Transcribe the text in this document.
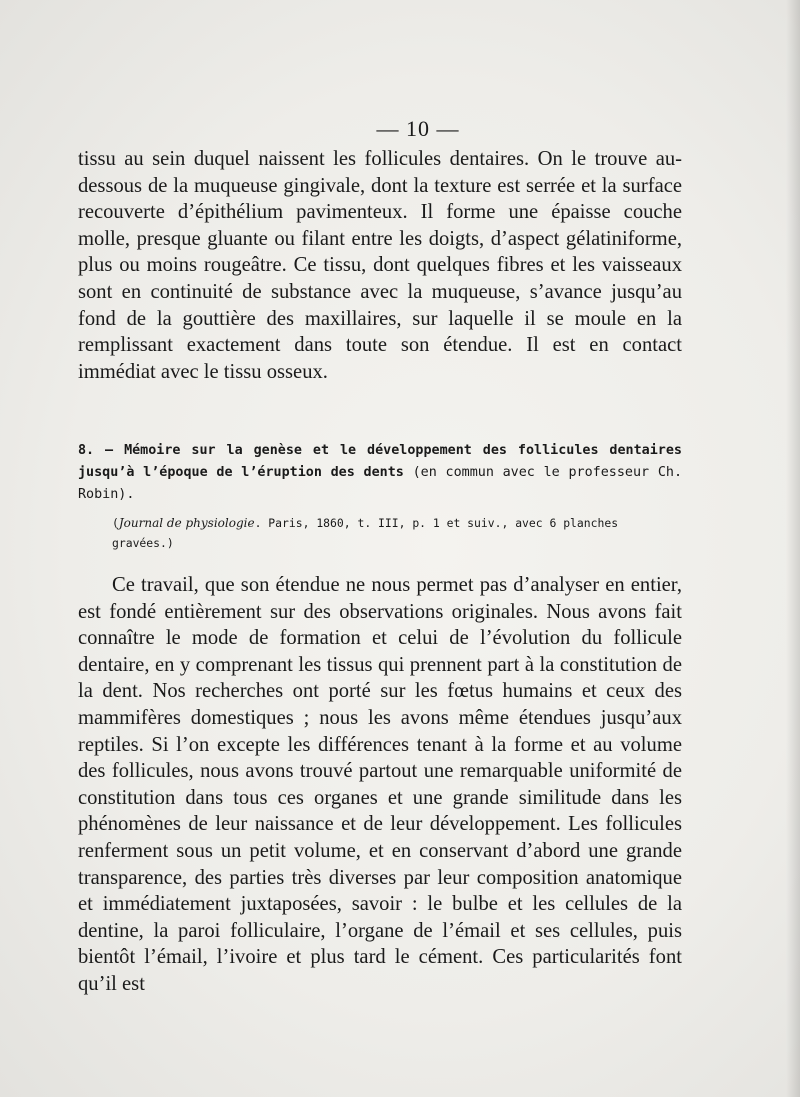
— 10 —

tissu au sein duquel naissent les follicules dentaires. On le trouve au-dessous de la muqueuse gingivale, dont la texture est serrée et la surface recouverte d’épithélium pavimenteux. Il forme une épaisse couche molle, presque gluante ou filant entre les doigts, d’aspect gélatiniforme, plus ou moins rougeâtre. Ce tissu, dont quelques fibres et les vaisseaux sont en continuité de substance avec la muqueuse, s’avance jusqu’au fond de la gouttière des maxillaires, sur laquelle il se moule en la remplissant exactement dans toute son étendue. Il est en contact immédiat avec le tissu osseux.

8. — Mémoire sur la genèse et le développement des follicules dentaires jusqu’à l’époque de l’éruption des dents (en commun avec le professeur Ch. Robin).

(Journal de physiologie. Paris, 1860, t. III, p. 1 et suiv., avec 6 planches gravées.)

Ce travail, que son étendue ne nous permet pas d’analyser en entier, est fondé entièrement sur des observations originales. Nous avons fait connaître le mode de formation et celui de l’évolution du follicule dentaire, en y comprenant les tissus qui prennent part à la constitution de la dent. Nos recherches ont porté sur les fœtus humains et ceux des mammifères domestiques ; nous les avons même étendues jusqu’aux reptiles. Si l’on excepte les différences tenant à la forme et au volume des follicules, nous avons trouvé partout une remarquable uniformité de constitution dans tous ces organes et une grande similitude dans les phénomènes de leur naissance et de leur développement. Les follicules renferment sous un petit volume, et en conservant d’abord une grande transparence, des parties très diverses par leur composition anatomique et immédiatement juxtaposées, savoir : le bulbe et les cellules de la dentine, la paroi folliculaire, l’organe de l’émail et ses cellules, puis bientôt l’émail, l’ivoire et plus tard le cément. Ces particularités font qu’il est
